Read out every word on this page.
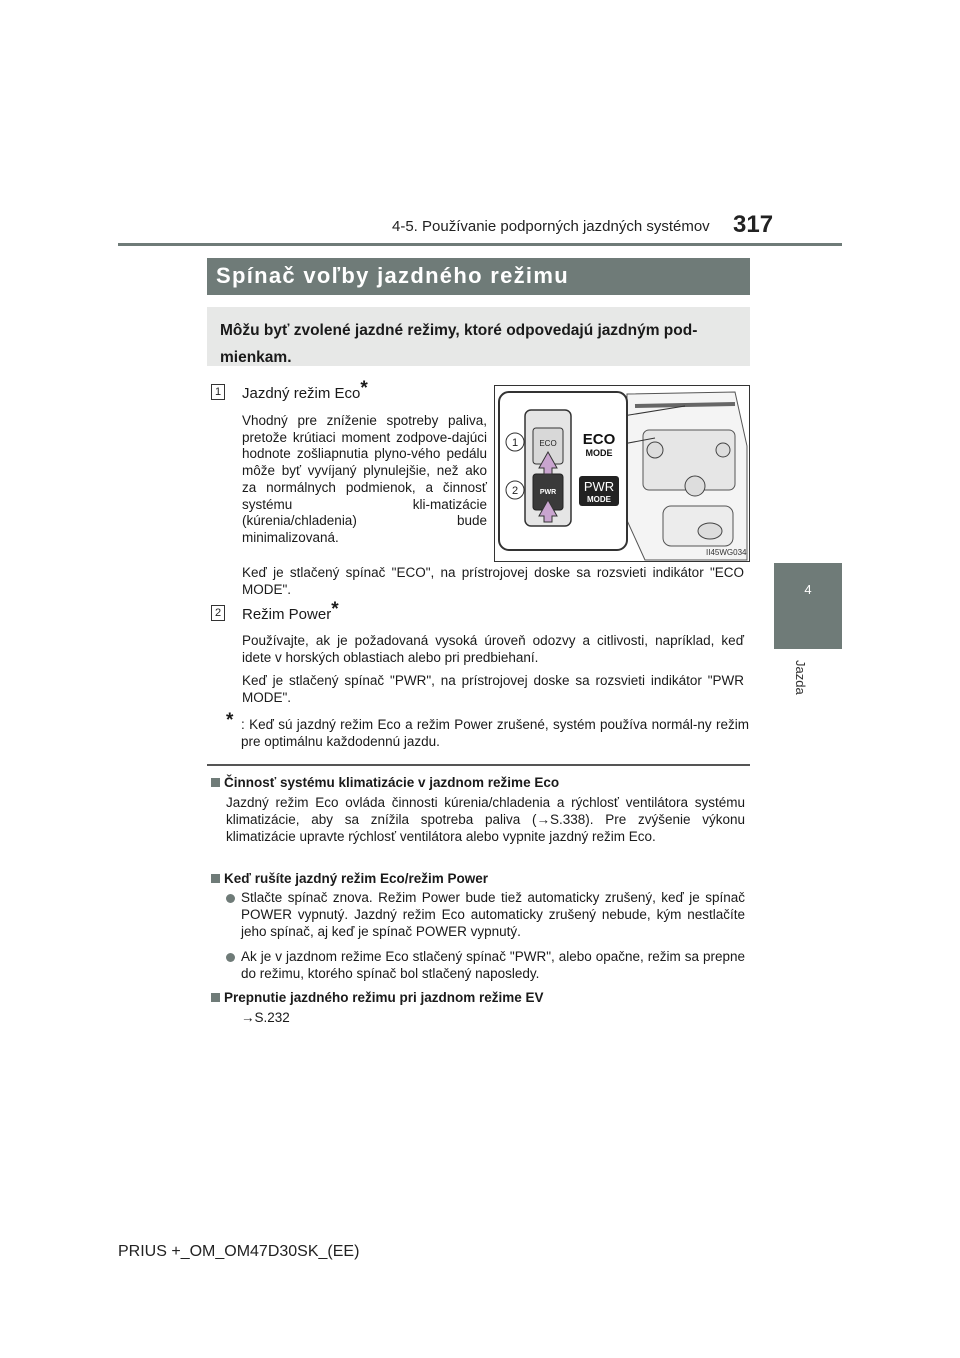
4-5. Používanie podporných jazdných systémov 317
4
Jazda
Spínač voľby jazdného režimu

Môžu byť zvolené jazdné režimy, ktoré odpovedajú jazdným pod-mienkam.

1 Jazdný režim Eco*
Vhodný pre zníženie spotreby paliva, pretože krútiaci moment zodpove-dajúci hodnote zošliapnutia plyno-vého pedálu môže byť vyvíjaný plynulejšie, než ako za normálnych podmienok, a činnosť systému kli-matizácie (kúrenia/chladenia) bude minimalizovaná.
Keď je stlačený spínač "ECO", na prístrojovej doske sa rozsvieti indikátor "ECO MODE".
ECO
PWR
1
2
ECO
MODE
PWR
MODE
II45WG034
2 Režim Power*
Používajte, ak je požadovaná vysoká úroveň odozvy a citlivosti, napríklad, keď idete v horských oblastiach alebo pri predbiehaní.
Keď je stlačený spínač "PWR", na prístrojovej doske sa rozsvieti indikátor "PWR MODE".
* : Keď sú jazdný režim Eco a režim Power zrušené, systém používa normál-ny režim pre optimálnu každodennú jazdu.
Činnosť systému klimatizácie v jazdnom režime Eco
Jazdný režim Eco ovláda činnosti kúrenia/chladenia a rýchlosť ventilátora systému klimatizácie, aby sa znížila spotreba paliva (→S.338). Pre zvýšenie výkonu klimatizácie upravte rýchlosť ventilátora alebo vypnite jazdný režim Eco.
Keď rušíte jazdný režim Eco/režim Power
Stlačte spínač znova. Režim Power bude tiež automaticky zrušený, keď je spínač POWER vypnutý. Jazdný režim Eco automaticky zrušený nebude, kým nestlačíte jeho spínač, aj keď je spínač POWER vypnutý.
Ak je v jazdnom režime Eco stlačený spínač "PWR", alebo opačne, režim sa prepne do režimu, ktorého spínač bol stlačený naposledy.
Prepnutie jazdného režimu pri jazdnom režime EV
→S.232
PRIUS +_OM_OM47D30SK_(EE)
